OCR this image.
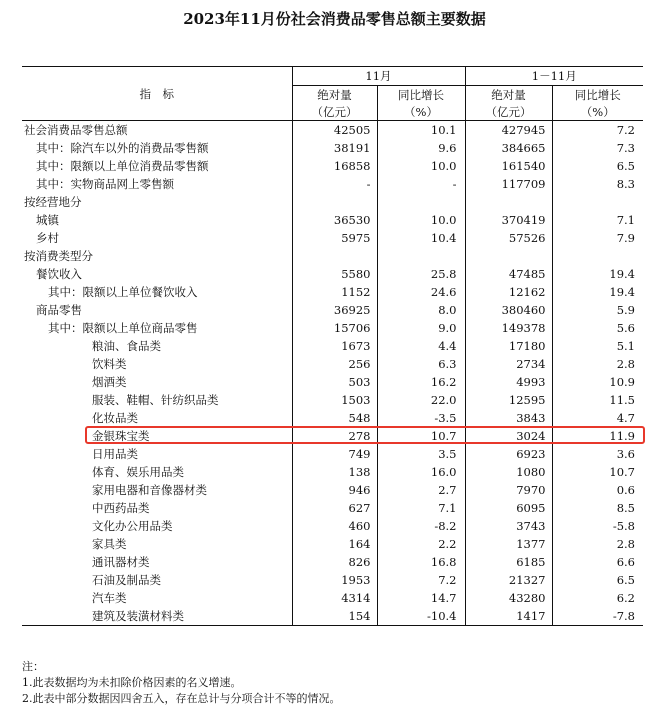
2023年11月份社会消费品零售总额主要数据
指　标	11月		1－11月	
	绝对量	同比增长	绝对量	同比增长
	（亿元）	（%）	（亿元）	（%）
社会消费品零售总额	42505	10.1	427945	7.2
其中：除汽车以外的消费品零售额	38191	9.6	384665	7.3
其中：限额以上单位消费品零售额	16858	10.0	161540	6.5
其中：实物商品网上零售额	-	-	117709	8.3
按经营地分				
城镇	36530	10.0	370419	7.1
乡村	5975	10.4	57526	7.9
按消费类型分				
餐饮收入	5580	25.8	47485	19.4
其中：限额以上单位餐饮收入	1152	24.6	12162	19.4
商品零售	36925	8.0	380460	5.9
其中：限额以上单位商品零售	15706	9.0	149378	5.6
粮油、食品类	1673	4.4	17180	5.1
饮料类	256	6.3	2734	2.8
烟酒类	503	16.2	4993	10.9
服装、鞋帽、针纺织品类	1503	22.0	12595	11.5
化妆品类	548	-3.5	3843	4.7
金银珠宝类	278	10.7	3024	11.9
日用品类	749	3.5	6923	3.6
体育、娱乐用品类	138	16.0	1080	10.7
家用电器和音像器材类	946	2.7	7970	0.6
中西药品类	627	7.1	6095	8.5
文化办公用品类	460	-8.2	3743	-5.8
家具类	164	2.2	1377	2.8
通讯器材类	826	16.8	6185	6.6
石油及制品类	1953	7.2	21327	6.5
汽车类	4314	14.7	43280	6.2
建筑及装潢材料类	154	-10.4	1417	-7.8
注：
1.此表数据均为未扣除价格因素的名义增速。
2.此表中部分数据因四舍五入，存在总计与分项合计不等的情况。
